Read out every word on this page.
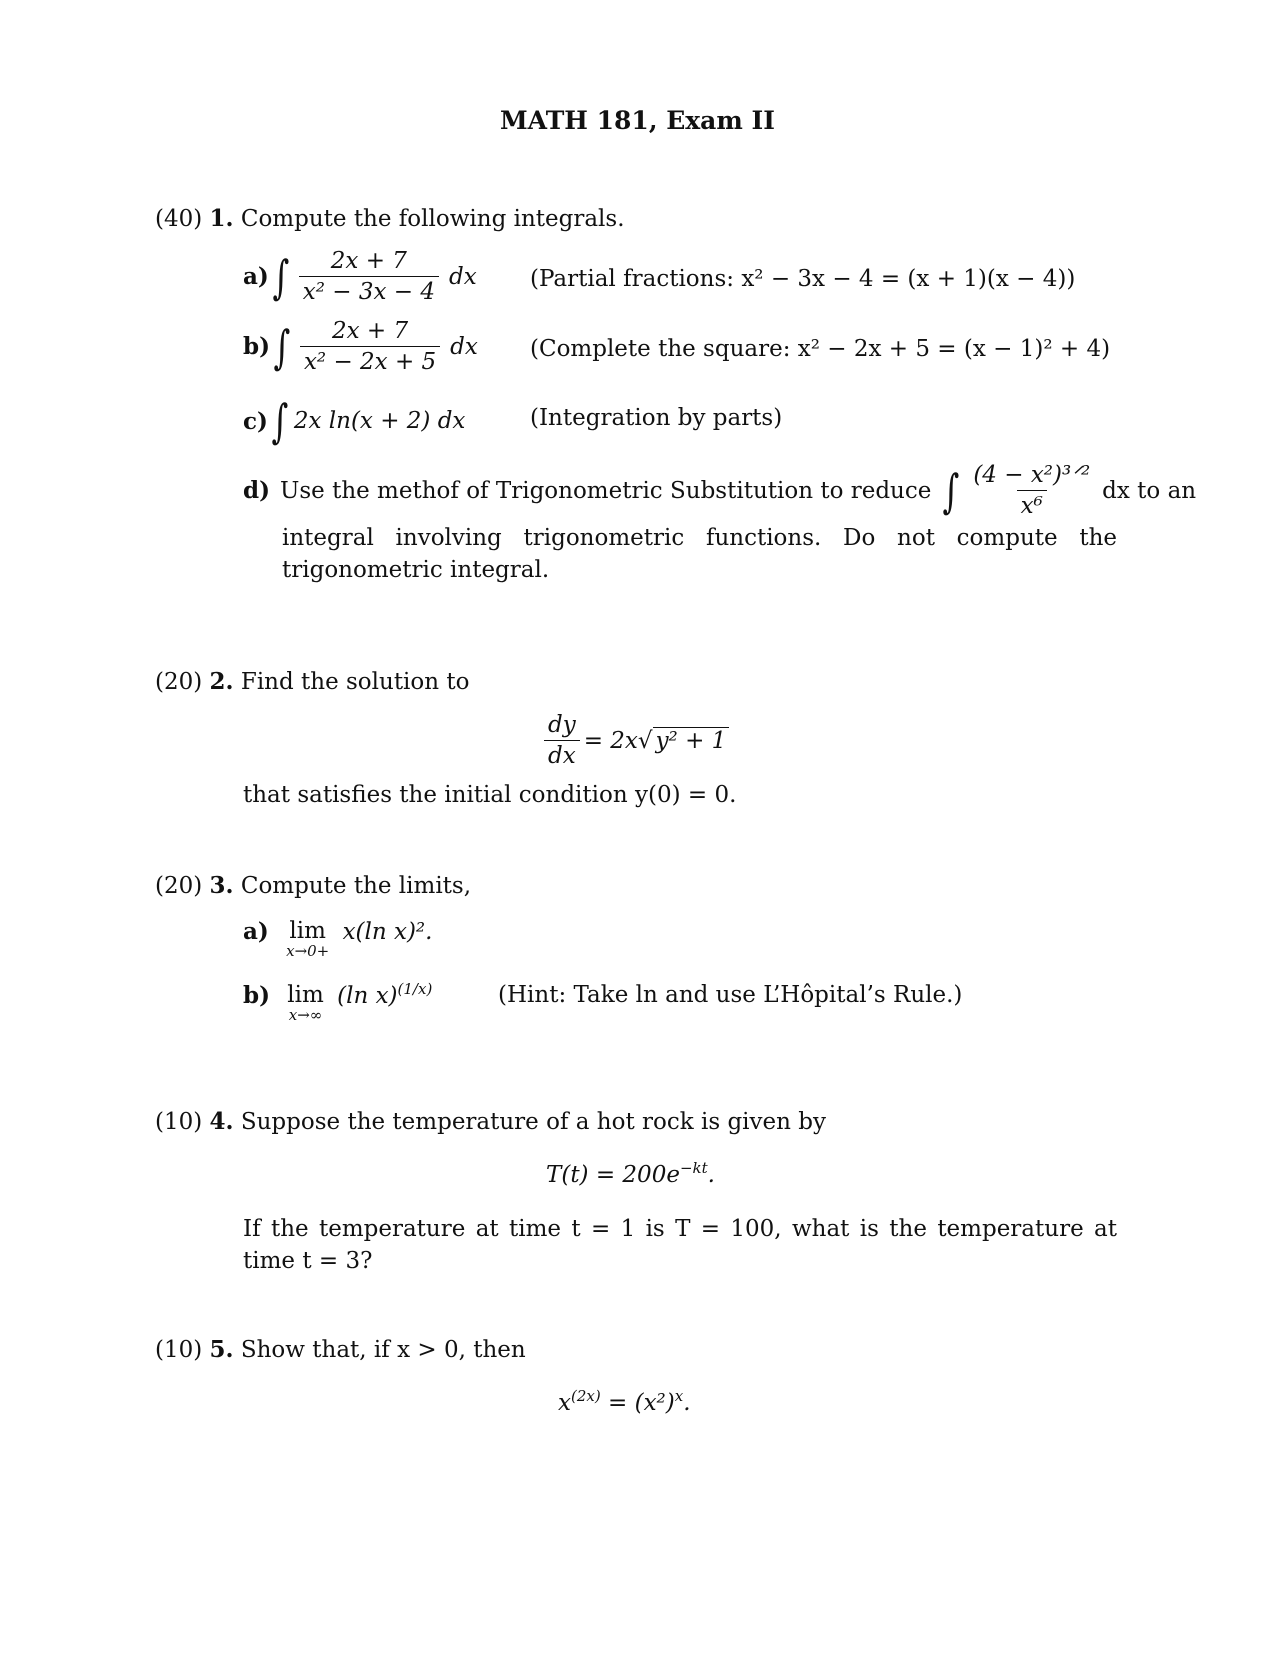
MATH 181, Exam II
(40) 1. Compute the following integrals.
a) ∫ $\frac{2x + 7}{\text{x² − 3x − 4}}$ dx (Partial fractions: x² − 3x − 4 = (x + 1)(x − 4))
b) ∫ $\frac{2x + 7}{\text{x² − 2x + 5}}$ dx (Complete the square: x² − 2x + 5 = (x − 1)² + 4)
c) ∫ 2x ln(x + 2) dx	(Integration by parts)
d) Use the methof of Trigonometric Substitution to reduce ∫ $\frac{\text{(4 − x²)³ᐟ²}}{\text{x⁶}}$ dx to an
integral involving trigonometric functions. Do not compute the trigonometric integral.
(20) 2. Find the solution to
$\frac{dy}{dx} = 2x$ √ y² + 1
that satisfies the initial condition y(0) = 0.
(20) 3. Compute the limits,
a) lim
x→0+
x(ln x)².
b) lim
x→∞
(ln x)$^{(1/x)}$	(Hint: Take ln and use L’Hôpital’s Rule.)
(10) 4. Suppose the temperature of a hot rock is given by
$T(t) = 200e^{-kt}$.
If the temperature at time t = 1 is T = 100, what is the temperature at time t = 3?
(10) 5. Show that, if x > 0, then
$x^{(2x)} = (x^2)^x$.
